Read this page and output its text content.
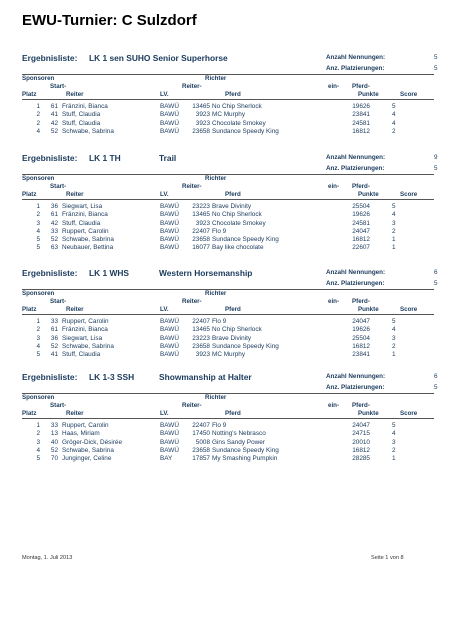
EWU-Turnier: C Sulzdorf
Ergebnisliste: LK 1 sen SUHO Senior Superhorse	Anzahl Nennungen:	5
Anz. Platzierungen:	5
Sponsoren	Richter
Start-	Reiter-	ein- Pferd-
Platz	Reiter	LV.	Pferd	Punkte	Score
1	61 Fränzini, Bianca	BAWÜ	13465 No Chip Sherlock	19626	5
2	41 Stuff, Claudia	BAWÜ	3923 MC Murphy	23841	4
2	42 Stuff, Claudia	BAWÜ	3923 Chocolate Smokey	24581	4
4	52 Schwabe, Sabrina	BAWÜ	23658 Sundance Speedy King	16812	2
Ergebnisliste: LK 1 TH	Trail	Anzahl Nennungen:	9
Anz. Platzierungen:	5
Sponsoren	Richter
Start-	Reiter-	ein- Pferd-
Platz	Reiter	LV.	Pferd	Punkte	Score
1	36 Siegwart, Lisa	BAWÜ	23223 Brave Divinity	25504	5
2	61 Fränzini, Bianca	BAWÜ	13465 No Chip Sherlock	19626	4
3	42 Stuff, Claudia	BAWÜ	3923 Chocolate Smokey	24581	3
4	33 Ruppert, Carolin	BAWÜ	22407 Flo 9	24047	2
5	52 Schwabe, Sabrina	BAWÜ	23658 Sundance Speedy King	16812	1
5	63 Neubauer, Bettina	BAWÜ	16077 Bay like chocolate	22607	1
Ergebnisliste: LK 1 WHS	Western Horsemanship	Anzahl Nennungen:	6
Anz. Platzierungen:	5
Sponsoren	Richter
Start-	Reiter-	ein- Pferd-
Platz	Reiter	LV.	Pferd	Punkte	Score
1	33 Ruppert, Carolin	BAWÜ	22407 Flo 9	24047	5
2	61 Fränzini, Bianca	BAWÜ	13465 No Chip Sherlock	19626	4
3	36 Siegwart, Lisa	BAWÜ	23223 Brave Divinity	25504	3
4	52 Schwabe, Sabrina	BAWÜ	23658 Sundance Speedy King	16812	2
5	41 Stuff, Claudia	BAWÜ	3923 MC Murphy	23841	1
Ergebnisliste: LK 1-3 SSH	Showmanship at Halter	Anzahl Nennungen:	6
Anz. Platzierungen:	5
Sponsoren	Richter
Start-	Reiter-	ein- Pferd-
Platz	Reiter	LV.	Pferd	Punkte	Score
1	33 Ruppert, Carolin	BAWÜ	22407 Flo 9	24047	5
2	13 Haas, Miriam	BAWÜ	17450 Notting's Nebrasco	24715	4
3	40 Gröger-Dick, Désirée	BAWÜ	5008 Gins Sandy Power	20010	3
4	52 Schwabe, Sabrina	BAWÜ	23658 Sundance Speedy King	16812	2
5	70 Junginger, Celine	BAY	17857 My Smashing Pumpkin	28285	1
Montag, 1. Juli 2013	Seite 1 von 8
